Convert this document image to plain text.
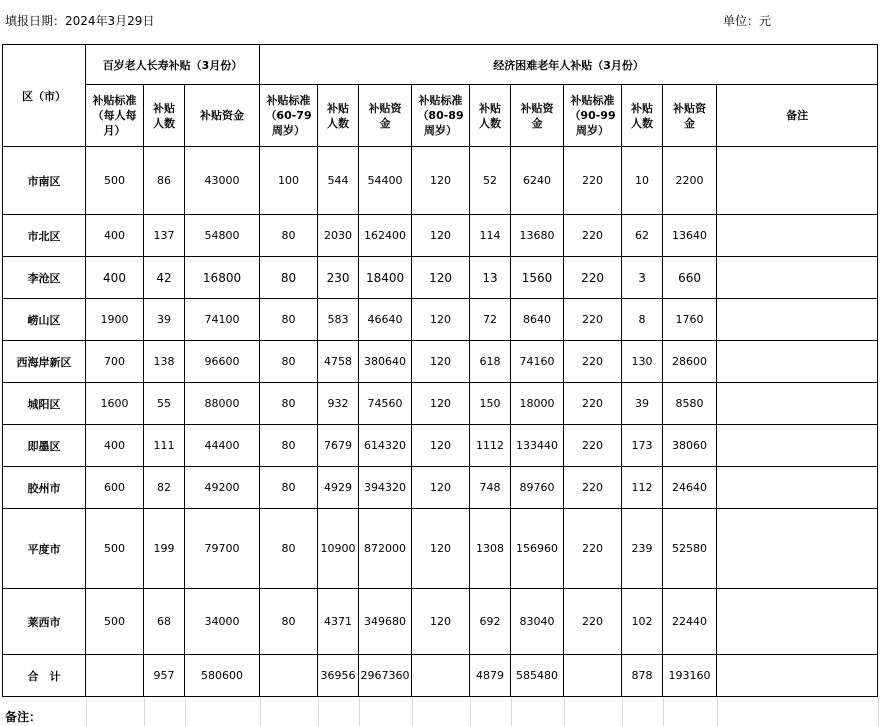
填报日期：2024年3月29日	单位：元
区（市）	百岁老人长寿补贴（3月份）			经济困难老年人补贴（3月份）									
	补贴标准
（每人每
月）	补贴
人数	补贴资金	补贴标准
（60-79
周岁）	补贴
人数	补贴资
金	补贴标准
（80-89
周岁）	补贴
人数	补贴资
金	补贴标准
（90-99
周岁）	补贴
人数	补贴资
金	备注
市南区	500	86	43000	100	544	54400	120	52	6240	220	10	2200	
市北区	400	137	54800	80	2030	162400	120	114	13680	220	62	13640	
李沧区	400	42	16800	80	230	18400	120	13	1560	220	3	660	
崂山区	1900	39	74100	80	583	46640	120	72	8640	220	8	1760	
西海岸新区	700	138	96600	80	4758	380640	120	618	74160	220	130	28600	
城阳区	1600	55	88000	80	932	74560	120	150	18000	220	39	8580	
即墨区	400	111	44400	80	7679	614320	120	1112	133440	220	173	38060	
胶州市	600	82	49200	80	4929	394320	120	748	89760	220	112	24640	
平度市	500	199	79700	80	10900	872000	120	1308	156960	220	239	52580	
莱西市	500	68	34000	80	4371	349680	120	692	83040	220	102	22440	
合　计		957	580600		36956	2967360		4879	585480		878	193160	
备注：
